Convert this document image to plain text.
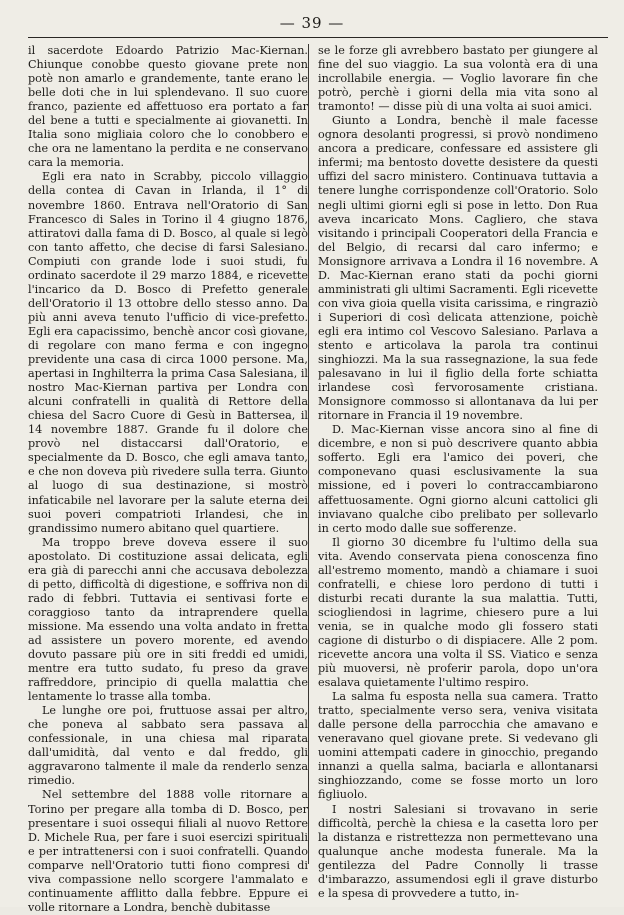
— 39 —

il sacerdote Edoardo Patrizio Mac-Kiernan. Chiunque conobbe questo giovane prete non potè non amarlo e grandemente, tante erano le belle doti che in lui splendevano. Il suo cuore franco, paziente ed affettuoso era portato a far del bene a tutti e specialmente ai giovanetti. In Italia sono migliaia coloro che lo conobbero e che ora ne lamentano la perdita e ne conservano cara la memoria.

Egli era nato in Scrabby, piccolo villaggio della contea di Cavan in Irlanda, il 1° di novembre 1860. Entrava nell'Oratorio di San Francesco di Sales in Torino il 4 giugno 1876, attiratovi dalla fama di D. Bosco, al quale si legò con tanto affetto, che decise di farsi Salesiano. Compiuti con grande lode i suoi studi, fu ordinato sacerdote il 29 marzo 1884, e ricevette l'incarico da D. Bosco di Prefetto generale dell'Oratorio il 13 ottobre dello stesso anno. Da più anni aveva tenuto l'ufficio di vice-prefetto. Egli era capacissimo, benchè ancor così giovane, di regolare con mano ferma e con ingegno previdente una casa di circa 1000 persone. Ma, apertasi in Inghilterra la prima Casa Salesiana, il nostro Mac-Kiernan partiva per Londra con alcuni confratelli in qualità di Rettore della chiesa del Sacro Cuore di Gesù in Battersea, il 14 novembre 1887. Grande fu il dolore che provò nel distaccarsi dall'Oratorio, e specialmente da D. Bosco, che egli amava tanto, e che non doveva più rivedere sulla terra. Giunto al luogo di sua destinazione, si mostrò infaticabile nel lavorare per la salute eterna dei suoi poveri compatrioti Irlandesi, che in grandissimo numero abitano quel quartiere.

Ma troppo breve doveva essere il suo apostolato. Di costituzione assai delicata, egli era già di parecchi anni che accusava debolezza di petto, difficoltà di digestione, e soffriva non di rado di febbri. Tuttavia ei sentivasi forte e coraggioso tanto da intraprendere quella missione. Ma essendo una volta andato in fretta ad assistere un povero morente, ed avendo dovuto passare più ore in siti freddi ed umidi, mentre era tutto sudato, fu preso da grave raffreddore, principio di quella malattia che lentamente lo trasse alla tomba.

Le lunghe ore poi, fruttuose assai per altro, che poneva al sabbato sera passava al confessionale, in una chiesa mal riparata dall'umidità, dal vento e dal freddo, gli aggravarono talmente il male da renderlo senza rimedio.

Nel settembre del 1888 volle ritornare a Torino per pregare alla tomba di D. Bosco, per presentare i suoi ossequi filiali al nuovo Rettore D. Michele Rua, per fare i suoi esercizi spirituali e per intrattenersi con i suoi confratelli. Quando comparve nell'Oratorio tutti fiono compresi di viva compassione nello scorgere l'ammalato e continuamente afflitto dalla febbre. Eppure ei volle ritornare a Londra, benchè dubitasse

se le forze gli avrebbero bastato per giungere al fine del suo viaggio. La sua volontà era di una incrollabile energia. — Voglio lavorare fin che potrò, perchè i giorni della mia vita sono al tramonto! — disse più di una volta ai suoi amici.

Giunto a Londra, benchè il male facesse ognora desolanti progressi, si provò nondimeno ancora a predicare, confessare ed assistere gli infermi; ma bentosto dovette desistere da questi uffizi del sacro ministero. Continuava tuttavia a tenere lunghe corrispondenze coll'Oratorio. Solo negli ultimi giorni egli si pose in letto. Don Rua aveva incaricato Mons. Cagliero, che stava visitando i principali Cooperatori della Francia e del Belgio, di recarsi dal caro infermo; e Monsignore arrivava a Londra il 16 novembre. A D. Mac-Kiernan erano stati da pochi giorni amministrati gli ultimi Sacramenti. Egli ricevette con viva gioia quella visita carissima, e ringraziò i Superiori di così delicata attenzione, poichè egli era intimo col Vescovo Salesiano. Parlava a stento e articolava la parola tra continui singhiozzi. Ma la sua rassegnazione, la sua fede palesavano in lui il figlio della forte schiatta irlandese così fervorosamente cristiana. Monsignore commosso si allontanava da lui per ritornare in Francia il 19 novembre.

D. Mac-Kiernan visse ancora sino al fine di dicembre, e non si può descrivere quanto abbia sofferto. Egli era l'amico dei poveri, che componevano quasi esclusivamente la sua missione, ed i poveri lo contraccambiarono affettuosamente. Ogni giorno alcuni cattolici gli inviavano qualche cibo prelibato per sollevarlo in certo modo dalle sue sofferenze.

Il giorno 30 dicembre fu l'ultimo della sua vita. Avendo conservata piena conoscenza fino all'estremo momento, mandò a chiamare i suoi confratelli, e chiese loro perdono di tutti i disturbi recati durante la sua malattia. Tutti, sciogliendosi in lagrime, chiesero pure a lui venia, se in qualche modo gli fossero stati cagione di disturbo o di dispiacere. Alle 2 pom. ricevette ancora una volta il SS. Viatico e senza più muoversi, nè proferir parola, dopo un'ora esalava quietamente l'ultimo respiro.

La salma fu esposta nella sua camera. Tratto tratto, specialmente verso sera, veniva visitata dalle persone della parrocchia che amavano e veneravano quel giovane prete. Si vedevano gli uomini attempati cadere in ginocchio, pregando innanzi a quella salma, baciarla e allontanarsi singhiozzando, come se fosse morto un loro figliuolo.

I nostri Salesiani si trovavano in serie difficoltà, perchè la chiesa e la casetta loro per la distanza e ristrettezza non permettevano una qualunque anche modesta funerale. Ma la gentilezza del Padre Connolly li trasse d'imbarazzo, assumendosi egli il grave disturbo e la spesa di provvedere a tutto, in-
